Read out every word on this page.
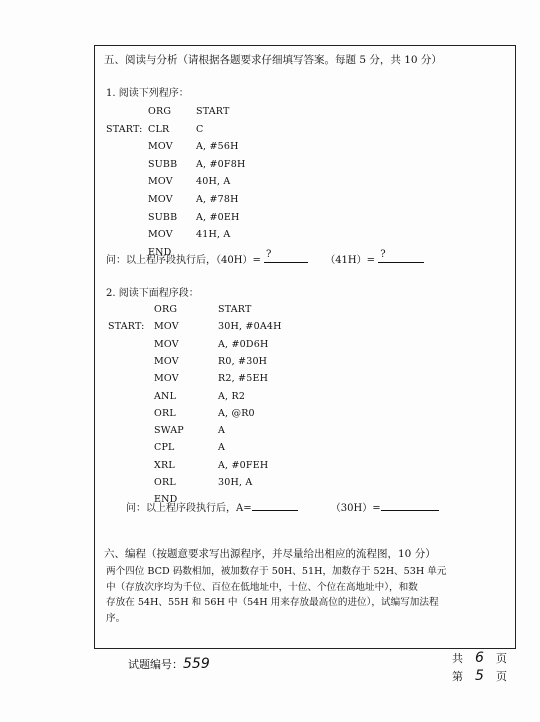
五、阅读与分析（请根据各题要求仔细填写答案。每题 5 分，共 10 分）
1. 阅读下列程序：
ORG	START
START: CLR	C
MOV A, #56H
SUBB A, #0F8H
MOV 40H, A
MOV A, #78H
SUBB A, #0EH
MOV 41H, A
END
问：以上程序段执行后，（40H）=
?
（41H）=
?
2. 阅读下面程序段：
ORG	START
START: MOV	30H, #0A4H
MOV	A, #0D6H
MOV	R0, #30H
MOV	R2, #5EH
ANL	A, R2
ORL	A, @R0
SWAP	A
CPL	A
XRL	A, #0FEH
ORL	30H, A
END
问：以上程序段执行后，A=	（30H）=
六、编程（按题意要求写出源程序，并尽量给出相应的流程图，10 分）
两个四位 BCD 码数相加，被加数存于 50H、51H，加数存于 52H、53H 单元
中（存放次序均为千位、百位在低地址中，十位、个位在高地址中），和数
存放在 54H、55H 和 56H 中（54H 用来存放最高位的进位），试编写加法程
序。
试题编号：559	共 6 页
第 5 页
